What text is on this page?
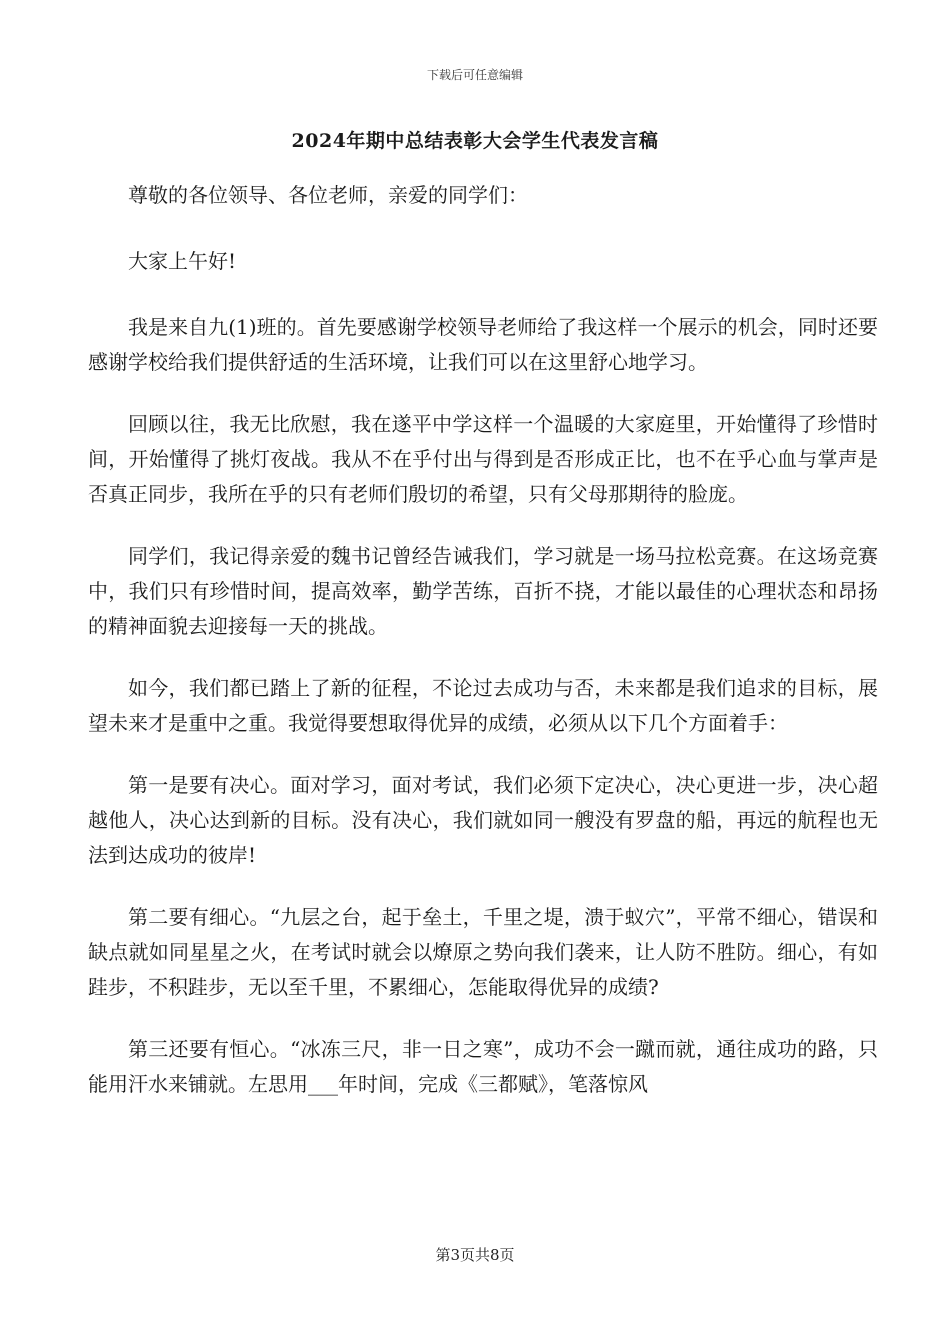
下载后可任意编辑
2024年期中总结表彰大会学生代表发言稿

尊敬的各位领导、各位老师，亲爱的同学们：

大家上午好!

我是来自九(1)班的。首先要感谢学校领导老师给了我这样一个展示的机会，同时还要感谢学校给我们提供舒适的生活环境，让我们可以在这里舒心地学习。

回顾以往，我无比欣慰，我在遂平中学这样一个温暖的大家庭里，开始懂得了珍惜时间，开始懂得了挑灯夜战。我从不在乎付出与得到是否形成正比，也不在乎心血与掌声是否真正同步，我所在乎的只有老师们殷切的希望，只有父母那期待的脸庞。

同学们，我记得亲爱的魏书记曾经告诫我们，学习就是一场马拉松竞赛。在这场竞赛中，我们只有珍惜时间，提高效率，勤学苦练，百折不挠，才能以最佳的心理状态和昂扬的精神面貌去迎接每一天的挑战。

如今，我们都已踏上了新的征程，不论过去成功与否，未来都是我们追求的目标，展望未来才是重中之重。我觉得要想取得优异的成绩，必须从以下几个方面着手：

第一是要有决心。面对学习，面对考试，我们必须下定决心，决心更进一步，决心超越他人，决心达到新的目标。没有决心，我们就如同一艘没有罗盘的船，再远的航程也无法到达成功的彼岸!

第二要有细心。“九层之台，起于垒土，千里之堤，溃于蚁穴”，平常不细心，错误和缺点就如同星星之火，在考试时就会以燎原之势向我们袭来，让人防不胜防。细心，有如跬步，不积跬步，无以至千里，不累细心，怎能取得优异的成绩?

第三还要有恒心。“冰冻三尺，非一日之寒”，成功不会一蹴而就，通往成功的路，只能用汗水来铺就。左思用___年时间，完成《三都赋》，笔落惊风

第3页共8页
